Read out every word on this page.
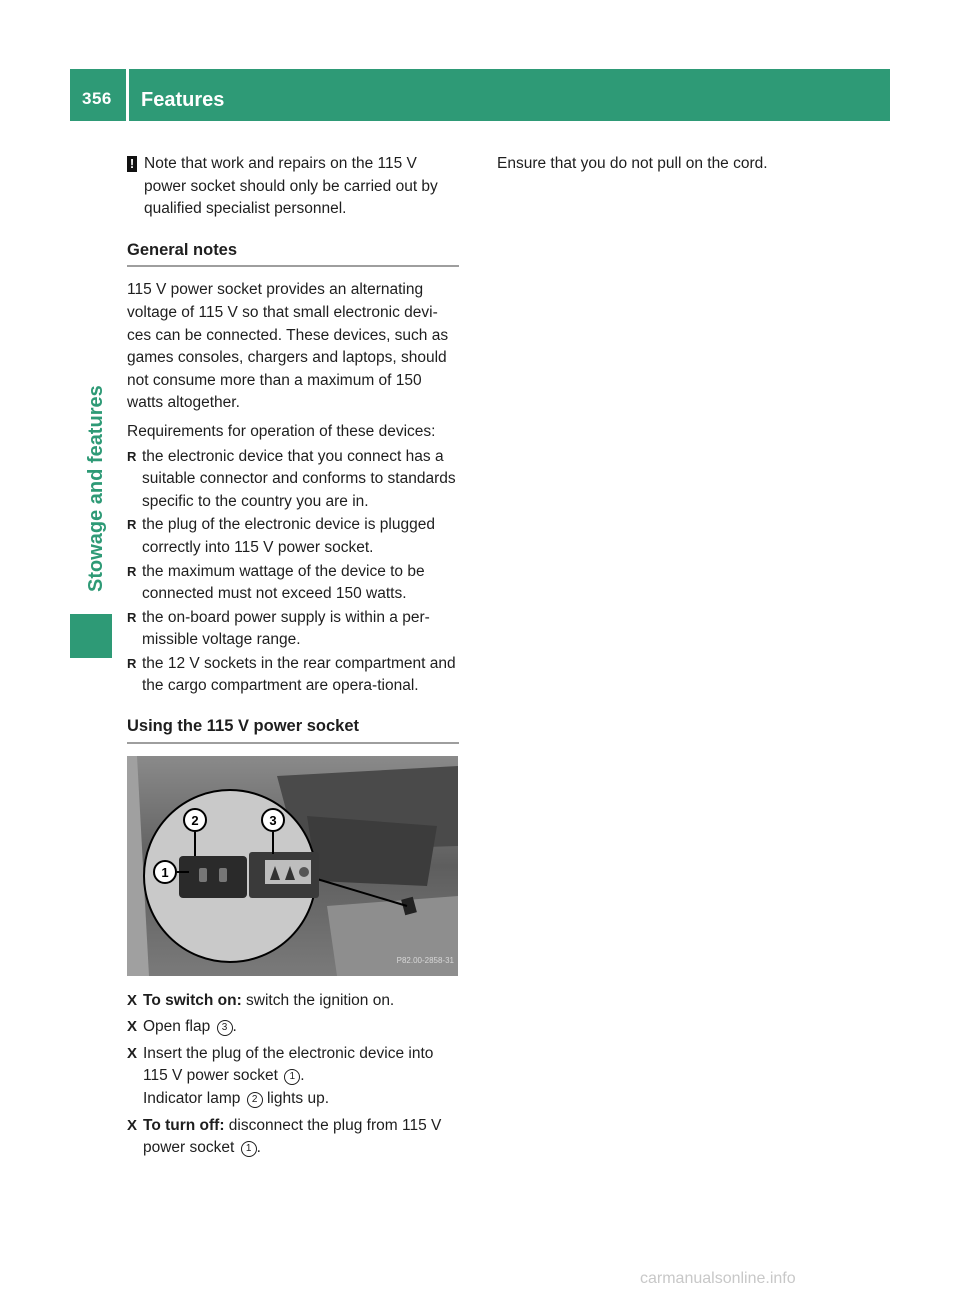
356 Features
Stowage and features

! Note that work and repairs on the 115 V power socket should only be carried out by qualified specialist personnel.

General notes

115 V power socket provides an alternating voltage of 115 V so that small electronic devi-ces can be connected. These devices, such as games consoles, chargers and laptops, should not consume more than a maximum of 150 watts altogether.

Requirements for operation of these devices:

R the electronic device that you connect has a suitable connector and conforms to standards specific to the country you are in.
R the plug of the electronic device is plugged correctly into 115 V power socket.
R the maximum wattage of the device to be connected must not exceed 150 watts.
R the on-board power supply is within a per-missible voltage range.
R the 12 V sockets in the rear compartment and the cargo compartment are opera-tional.
Using the 115 V power socket
1
2	3
P82.00-2858-31
X To switch on: switch the ignition on.
X Open flap 3 .
X Insert the plug of the electronic device into 115 V power socket 1 .
Indicator lamp 2 lights up.
X To turn off: disconnect the plug from 115 V power socket 1 .

Ensure that you do not pull on the cord.

carmanualsonline.info
